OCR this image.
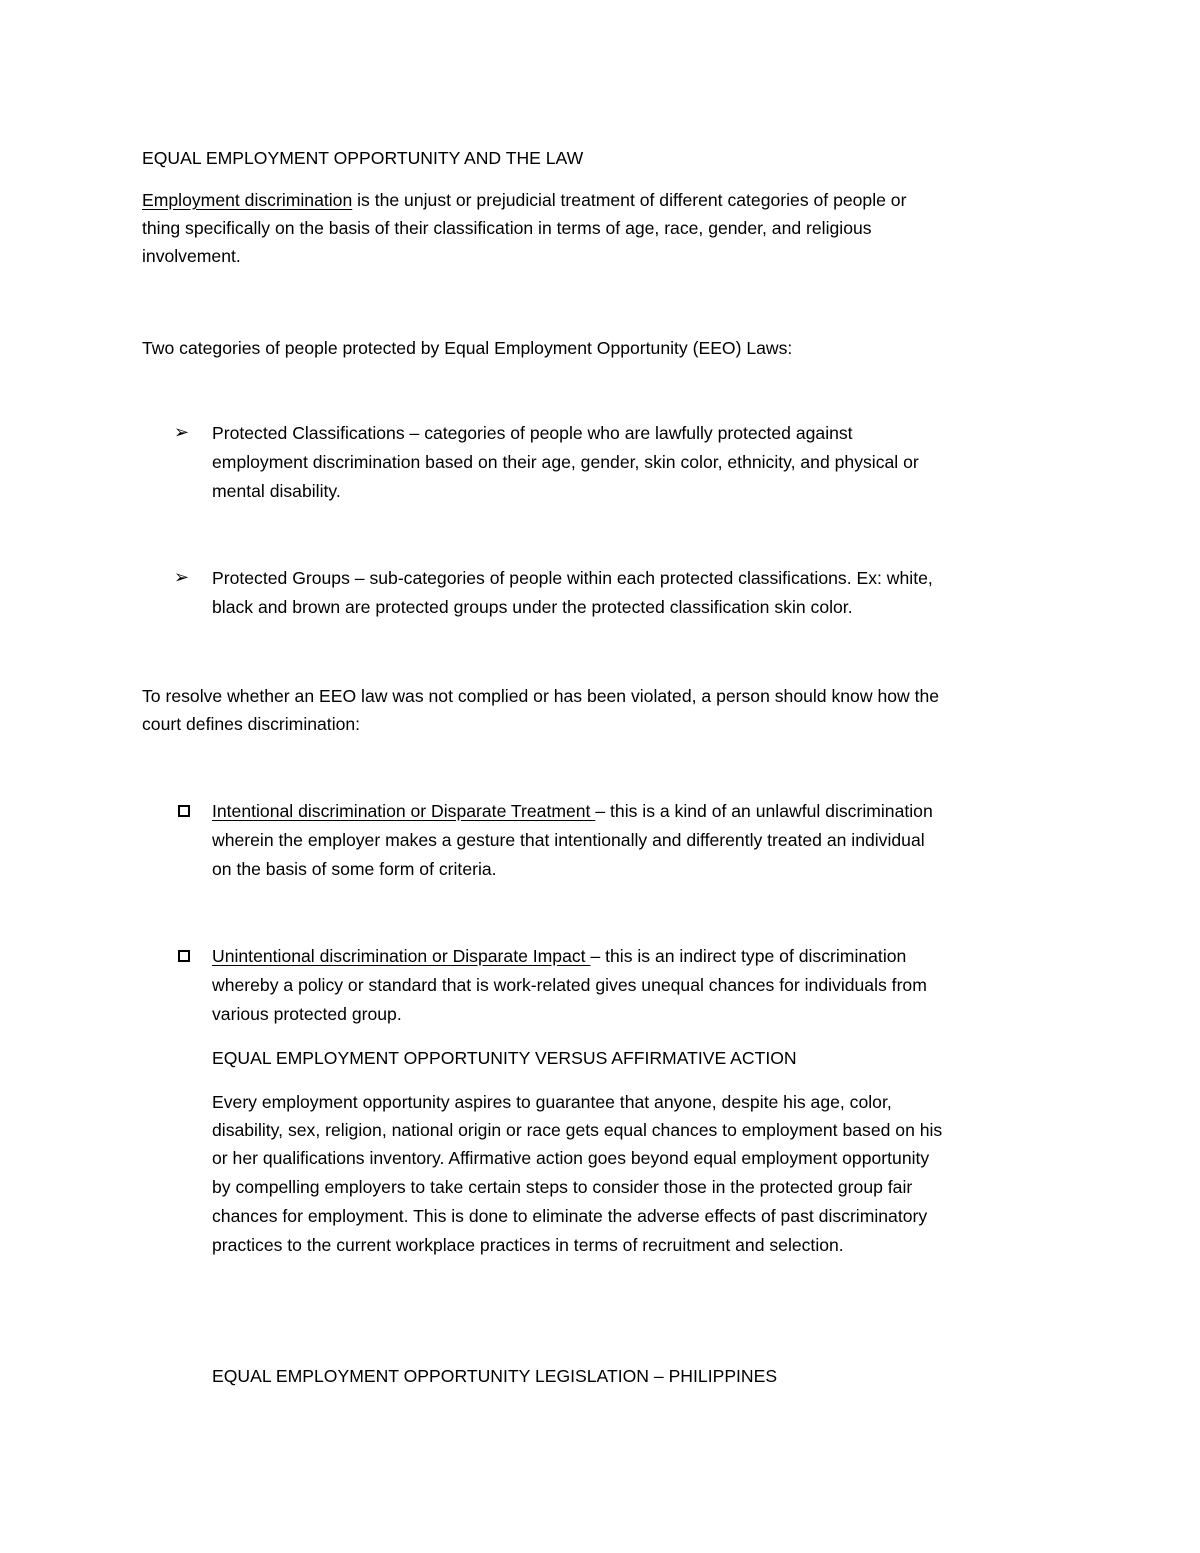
EQUAL EMPLOYMENT OPPORTUNITY AND THE LAW
Employment discrimination is the unjust or prejudicial treatment of different categories of people or
thing specifically on the basis of their classification in terms of age, race, gender, and religious
involvement.
Two categories of people protected by Equal Employment Opportunity (EEO) Laws:
➢ Protected Classifications – categories of people who are lawfully protected against
employment discrimination based on their age, gender, skin color, ethnicity, and physical or
mental disability.
➢ Protected Groups – sub-categories of people within each protected classifications. Ex: white,
black and brown are protected groups under the protected classification skin color.
To resolve whether an EEO law was not complied or has been violated, a person should know how the
court defines discrimination:
Intentional discrimination or Disparate Treatment – this is a kind of an unlawful discrimination
wherein the employer makes a gesture that intentionally and differently treated an individual
on the basis of some form of criteria.
Unintentional discrimination or Disparate Impact – this is an indirect type of discrimination
whereby a policy or standard that is work-related gives unequal chances for individuals from
various protected group.
EQUAL EMPLOYMENT OPPORTUNITY VERSUS AFFIRMATIVE ACTION
Every employment opportunity aspires to guarantee that anyone, despite his age, color,
disability, sex, religion, national origin or race gets equal chances to employment based on his
or her qualifications inventory. Affirmative action goes beyond equal employment opportunity
by compelling employers to take certain steps to consider those in the protected group fair
chances for employment. This is done to eliminate the adverse effects of past discriminatory
practices to the current workplace practices in terms of recruitment and selection.
EQUAL EMPLOYMENT OPPORTUNITY LEGISLATION – PHILIPPINES
